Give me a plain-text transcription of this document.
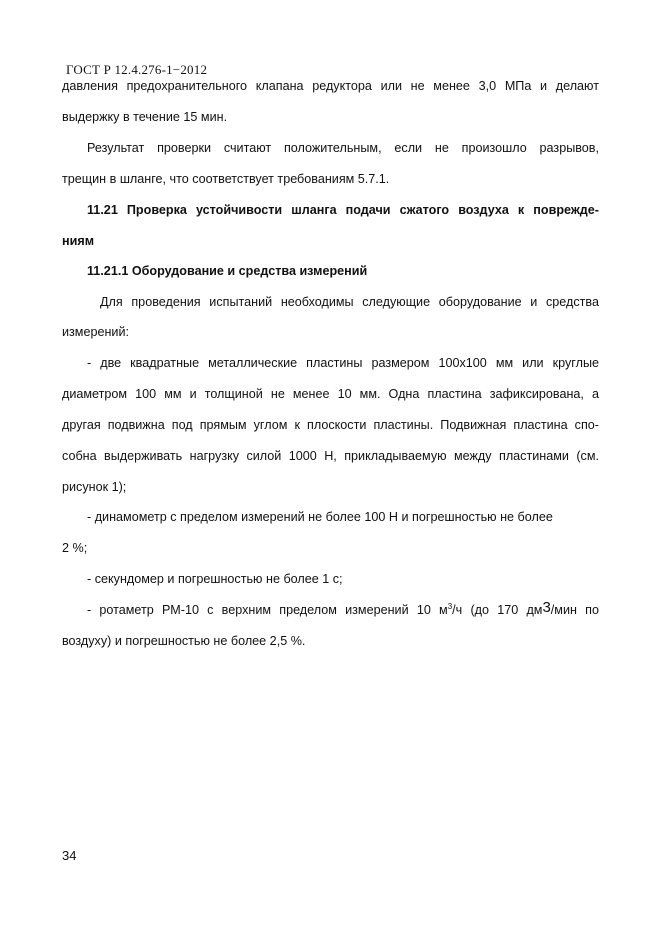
ГОСТ Р 12.4.276-1−2012
давления предохранительного клапана редуктора или не менее 3,0 МПа и делают
выдержку в течение 15 мин.
Результат проверки считают положительным, если не произошло разрывов,
трещин в шланге, что соответствует требованиям 5.7.1.
11.21 Проверка устойчивости шланга подачи сжатого воздуха к поврежде-
ниям
11.21.1 Оборудование и средства измерений
Для проведения испытаний необходимы следующие оборудование и средства
измерений:
- две квадратные металлические пластины размером 100x100 мм или круглые
диаметром 100 мм и толщиной не менее 10 мм. Одна пластина зафиксирована, а
другая подвижна под прямым углом к плоскости пластины. Подвижная пластина спо-
собна выдерживать нагрузку силой 1000 Н, прикладываемую между пластинами (см.
рисунок 1);
- динамометр с пределом измерений не более 100 Н и погрешностью не более
2 %;
- секундомер и погрешностью не более 1 с;
- ротаметр РМ-10 с верхним пределом измерений 10 $м^3/ч$ (до 170 дм3/мин по
воздуху) и погрешностью не более 2,5 %.
34
